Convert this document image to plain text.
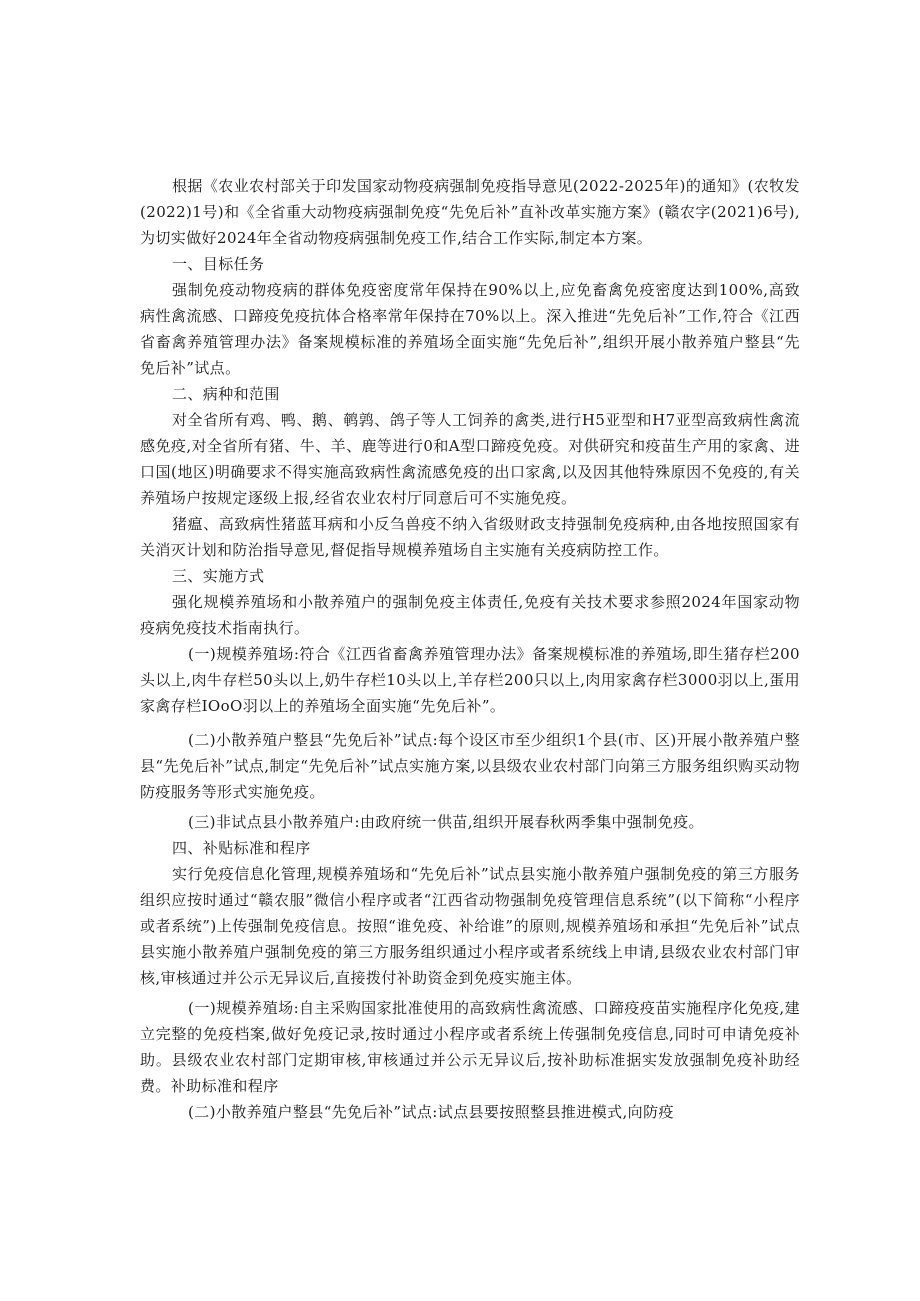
根据《农业农村部关于印发国家动物疫病强制免疫指导意见(2022-2025年)的通知》(农牧发(2022)1号)和《全省重大动物疫病强制免疫“先免后补”直补改革实施方案》(赣农字(2021)6号),为切实做好2024年全省动物疫病强制免疫工作,结合工作实际,制定本方案。

一、目标任务

强制免疫动物疫病的群体免疫密度常年保持在90%以上,应免畜禽免疫密度达到100%,高致病性禽流感、口蹄疫免疫抗体合格率常年保持在70%以上。深入推进“先免后补”工作,符合《江西省畜禽养殖管理办法》备案规模标准的养殖场全面实施“先免后补”,组织开展小散养殖户整县“先免后补”试点。

二、病种和范围

对全省所有鸡、鸭、鹅、鹌鹑、鸽子等人工饲养的禽类,进行H5亚型和H7亚型高致病性禽流感免疫,对全省所有猪、牛、羊、鹿等进行0和A型口蹄疫免疫。对供研究和疫苗生产用的家禽、进口国(地区)明确要求不得实施高致病性禽流感免疫的出口家禽,以及因其他特殊原因不免疫的,有关养殖场户按规定逐级上报,经省农业农村厅同意后可不实施免疫。

猪瘟、高致病性猪蓝耳病和小反刍兽疫不纳入省级财政支持强制免疫病种,由各地按照国家有关消灭计划和防治指导意见,督促指导规模养殖场自主实施有关疫病防控工作。

三、实施方式

强化规模养殖场和小散养殖户的强制免疫主体责任,免疫有关技术要求参照2024年国家动物疫病免疫技术指南执行。

(一)规模养殖场:符合《江西省畜禽养殖管理办法》备案规模标准的养殖场,即生猪存栏200头以上,肉牛存栏50头以上,奶牛存栏10头以上,羊存栏200只以上,肉用家禽存栏3000羽以上,蛋用家禽存栏IOoO羽以上的养殖场全面实施“先免后补”。

(二)小散养殖户整县“先免后补”试点:每个设区市至少组织1个县(市、区)开展小散养殖户整县“先免后补”试点,制定“先免后补”试点实施方案,以县级农业农村部门向第三方服务组织购买动物防疫服务等形式实施免疫。

(三)非试点县小散养殖户:由政府统一供苗,组织开展春秋两季集中强制免疫。

四、补贴标准和程序

实行免疫信息化管理,规模养殖场和“先免后补”试点县实施小散养殖户强制免疫的第三方服务组织应按时通过“赣农服”微信小程序或者“江西省动物强制免疫管理信息系统”(以下简称“小程序或者系统”)上传强制免疫信息。按照“谁免疫、补给谁”的原则,规模养殖场和承担“先免后补”试点县实施小散养殖户强制免疫的第三方服务组织通过小程序或者系统线上申请,县级农业农村部门审核,审核通过并公示无异议后,直接拨付补助资金到免疫实施主体。

(一)规模养殖场:自主采购国家批准使用的高致病性禽流感、口蹄疫疫苗实施程序化免疫,建立完整的免疫档案,做好免疫记录,按时通过小程序或者系统上传强制免疫信息,同时可申请免疫补助。县级农业农村部门定期审核,审核通过并公示无异议后,按补助标准据实发放强制免疫补助经费。补助标准和程序

(二)小散养殖户整县“先免后补”试点:试点县要按照整县推进模式,向防疫
